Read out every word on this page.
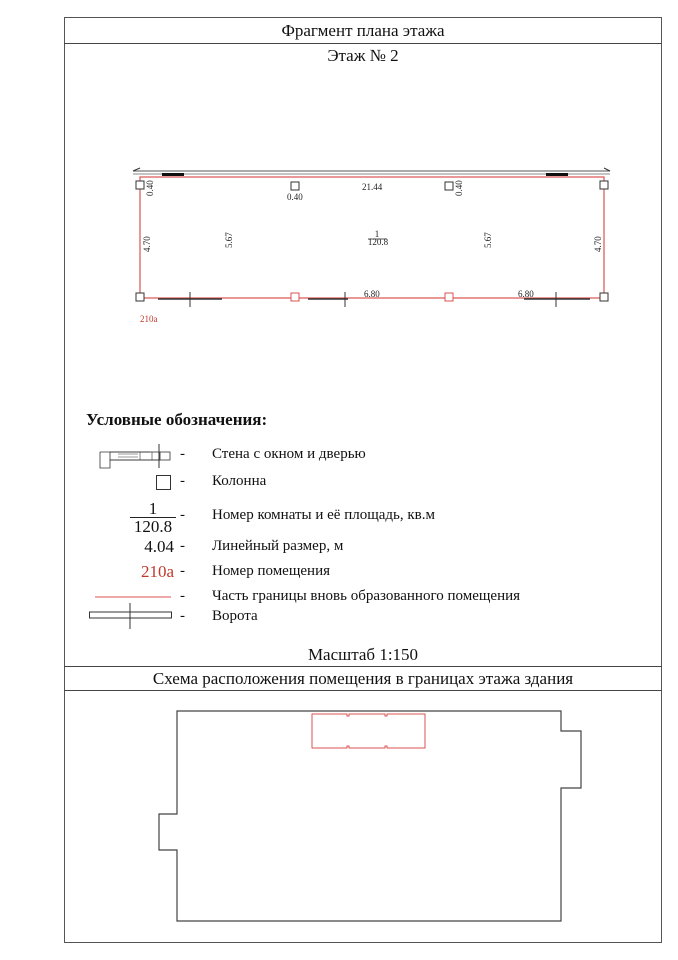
Фрагмент плана этажа
Этаж № 2
21.44
0.40
0.40	0.40
4.70	5.67	5.67	4.70
6.80	6.80
1
120.8
210а
Условные обозначения:
- Стена с окном и дверью
- Колонна
$\frac{1}{120.8}$ - Номер комнаты и её площадь, кв.м
4.04 - Линейный размер, м
210а - Номер помещения
- Часть границы вновь образованного помещения
- Ворота
Масштаб 1:150
Схема расположения помещения в границах этажа здания
